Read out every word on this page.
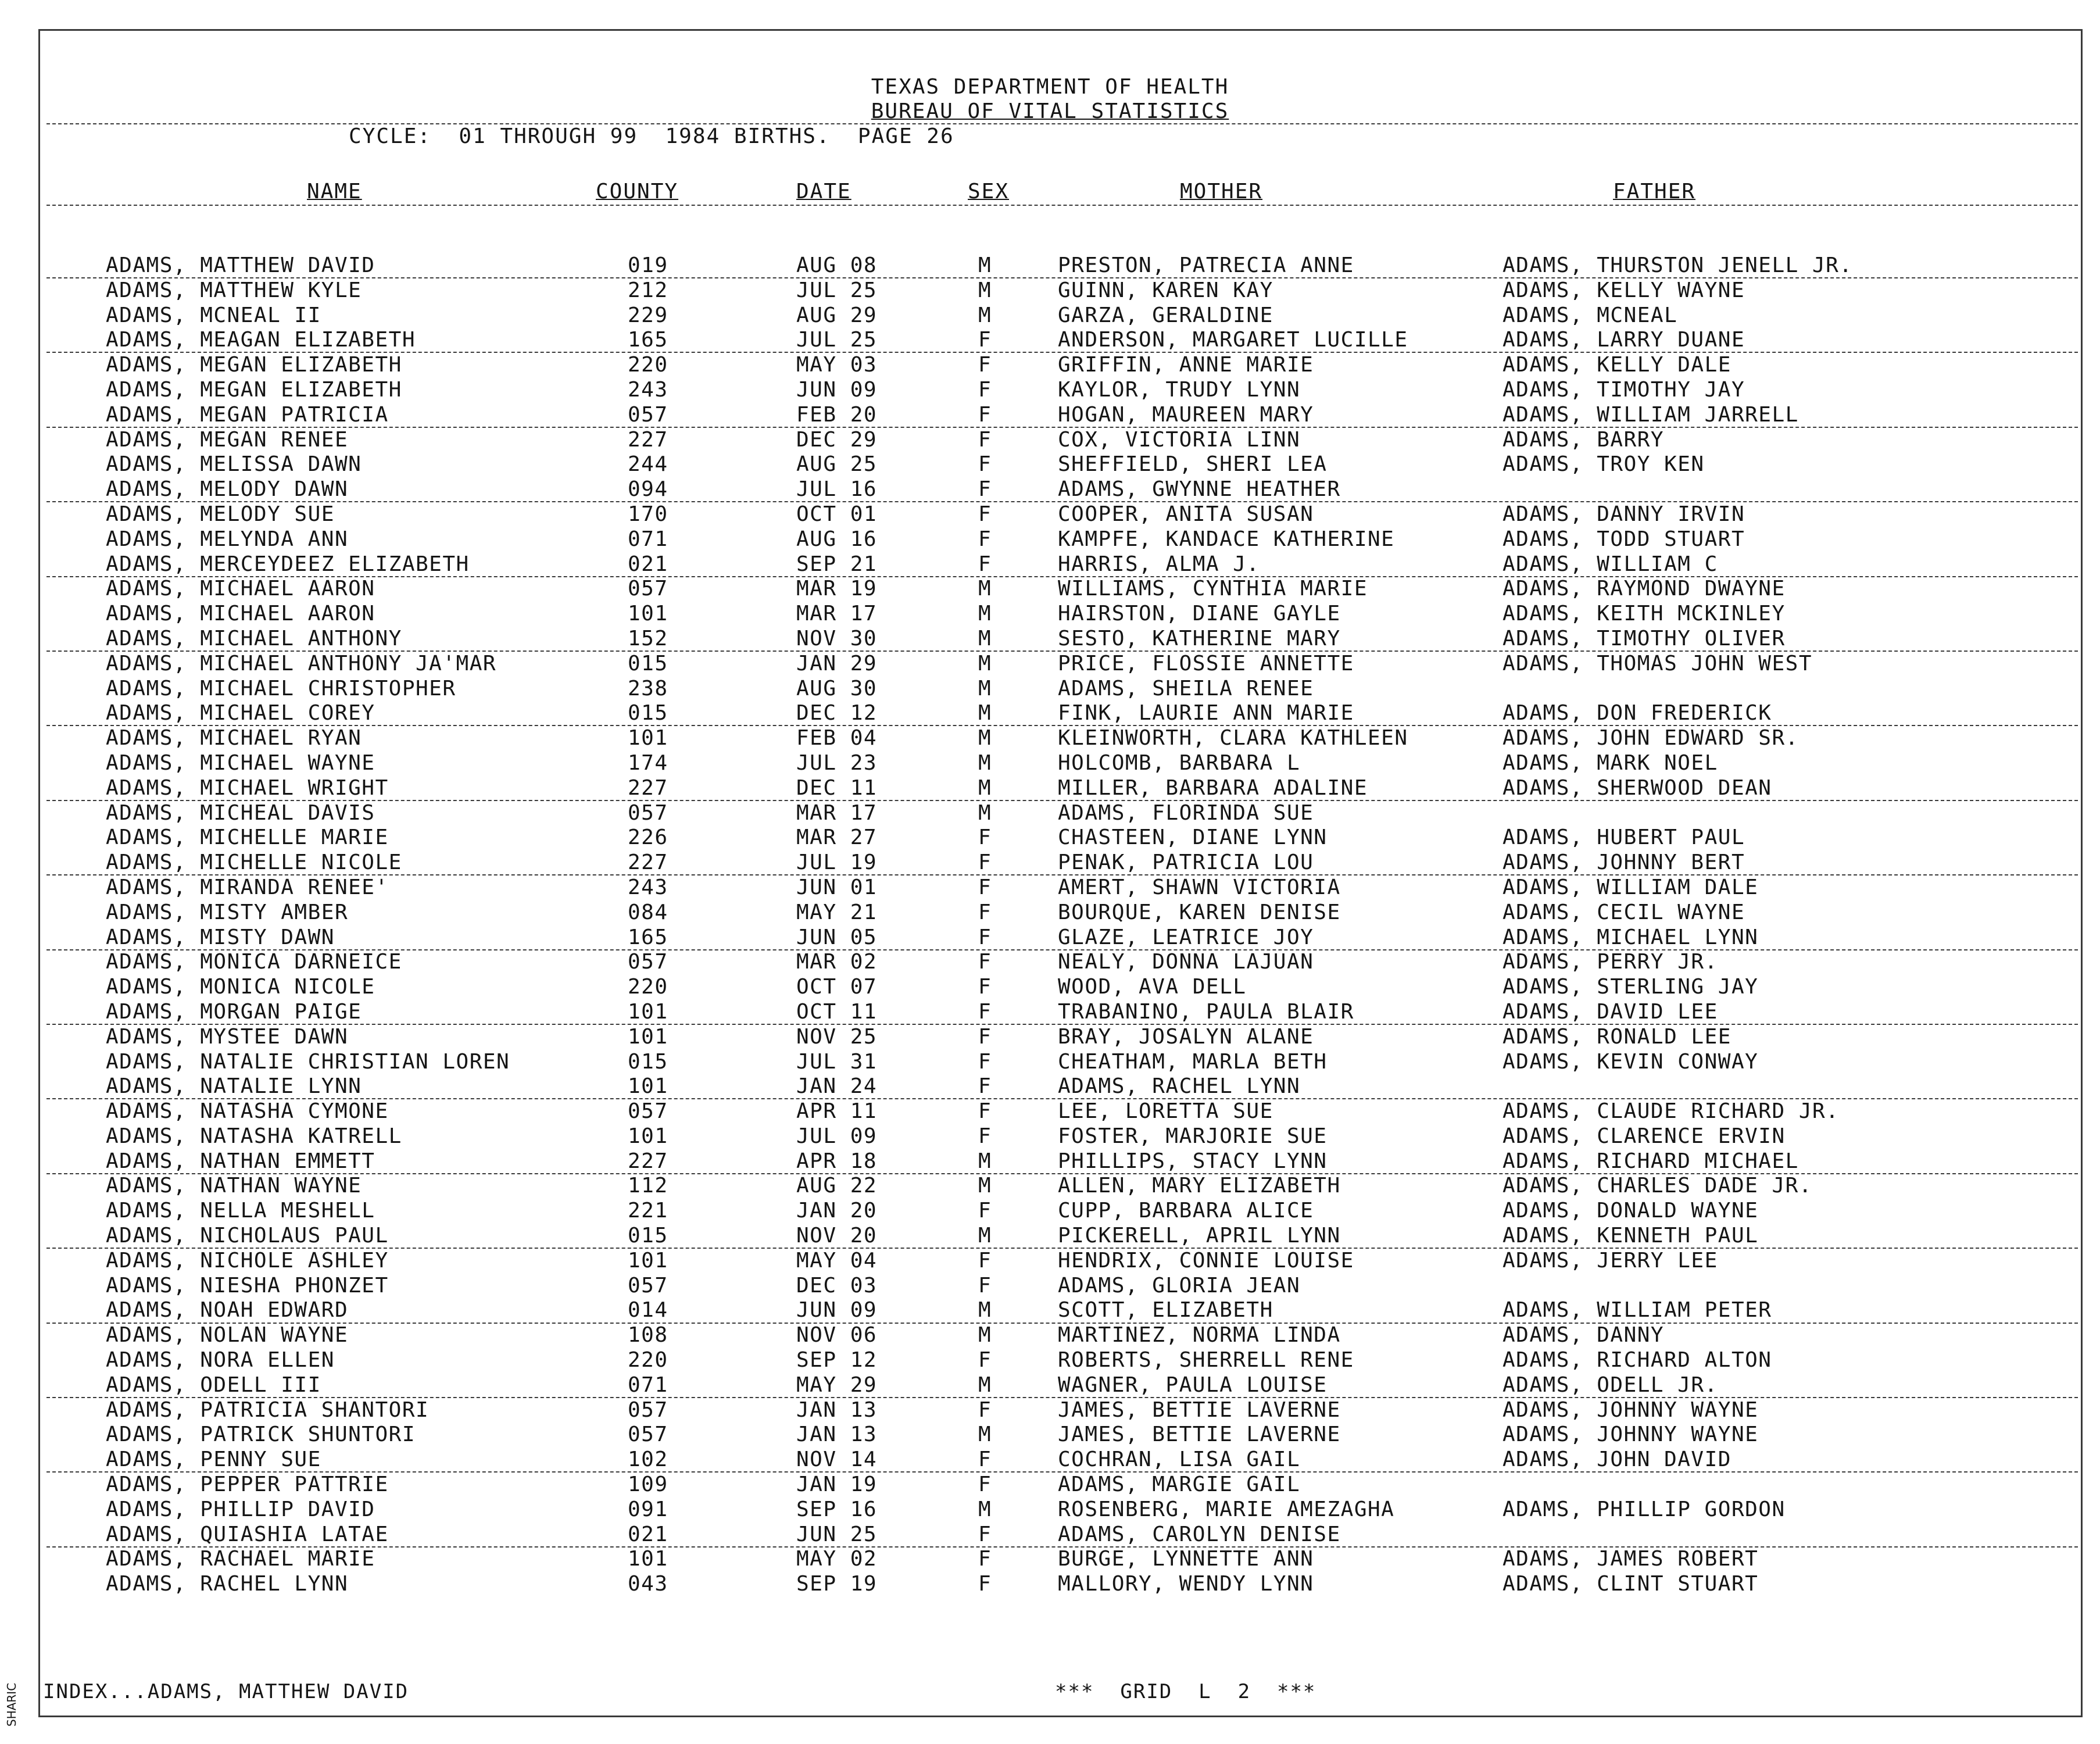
TEXAS DEPARTMENT OF HEALTH
BUREAU OF VITAL STATISTICS
CYCLE:  01 THROUGH 99  1984 BIRTHS.  PAGE 26
NAME	COUNTY	DATE	SEX	MOTHER	FATHER
ADAMS, MATTHEW DAVID	019	AUG 08	M	PRESTON, PATRECIA ANNE	ADAMS, THURSTON JENELL JR.
ADAMS, MATTHEW KYLE	212	JUL 25	M	GUINN, KAREN KAY	ADAMS, KELLY WAYNE
ADAMS, MCNEAL II	229	AUG 29	M	GARZA, GERALDINE	ADAMS, MCNEAL
ADAMS, MEAGAN ELIZABETH	165	JUL 25	F	ANDERSON, MARGARET LUCILLE	ADAMS, LARRY DUANE
ADAMS, MEGAN ELIZABETH	220	MAY 03	F	GRIFFIN, ANNE MARIE	ADAMS, KELLY DALE
ADAMS, MEGAN ELIZABETH	243	JUN 09	F	KAYLOR, TRUDY LYNN	ADAMS, TIMOTHY JAY
ADAMS, MEGAN PATRICIA	057	FEB 20	F	HOGAN, MAUREEN MARY	ADAMS, WILLIAM JARRELL
ADAMS, MEGAN RENEE	227	DEC 29	F	COX, VICTORIA LINN	ADAMS, BARRY
ADAMS, MELISSA DAWN	244	AUG 25	F	SHEFFIELD, SHERI LEA	ADAMS, TROY KEN
ADAMS, MELODY DAWN	094	JUL 16	F	ADAMS, GWYNNE HEATHER
ADAMS, MELODY SUE	170	OCT 01	F	COOPER, ANITA SUSAN	ADAMS, DANNY IRVIN
ADAMS, MELYNDA ANN	071	AUG 16	F	KAMPFE, KANDACE KATHERINE	ADAMS, TODD STUART
ADAMS, MERCEYDEEZ ELIZABETH	021	SEP 21	F	HARRIS, ALMA J.	ADAMS, WILLIAM C
ADAMS, MICHAEL AARON	057	MAR 19	M	WILLIAMS, CYNTHIA MARIE	ADAMS, RAYMOND DWAYNE
ADAMS, MICHAEL AARON	101	MAR 17	M	HAIRSTON, DIANE GAYLE	ADAMS, KEITH MCKINLEY
ADAMS, MICHAEL ANTHONY	152	NOV 30	M	SESTO, KATHERINE MARY	ADAMS, TIMOTHY OLIVER
ADAMS, MICHAEL ANTHONY JA'MAR	015	JAN 29	M	PRICE, FLOSSIE ANNETTE	ADAMS, THOMAS JOHN WEST
ADAMS, MICHAEL CHRISTOPHER	238	AUG 30	M	ADAMS, SHEILA RENEE
ADAMS, MICHAEL COREY	015	DEC 12	M	FINK, LAURIE ANN MARIE	ADAMS, DON FREDERICK
ADAMS, MICHAEL RYAN	101	FEB 04	M	KLEINWORTH, CLARA KATHLEEN	ADAMS, JOHN EDWARD SR.
ADAMS, MICHAEL WAYNE	174	JUL 23	M	HOLCOMB, BARBARA L	ADAMS, MARK NOEL
ADAMS, MICHAEL WRIGHT	227	DEC 11	M	MILLER, BARBARA ADALINE	ADAMS, SHERWOOD DEAN
ADAMS, MICHEAL DAVIS	057	MAR 17	M	ADAMS, FLORINDA SUE
ADAMS, MICHELLE MARIE	226	MAR 27	F	CHASTEEN, DIANE LYNN	ADAMS, HUBERT PAUL
ADAMS, MICHELLE NICOLE	227	JUL 19	F	PENAK, PATRICIA LOU	ADAMS, JOHNNY BERT
ADAMS, MIRANDA RENEE'	243	JUN 01	F	AMERT, SHAWN VICTORIA	ADAMS, WILLIAM DALE
ADAMS, MISTY AMBER	084	MAY 21	F	BOURQUE, KAREN DENISE	ADAMS, CECIL WAYNE
ADAMS, MISTY DAWN	165	JUN 05	F	GLAZE, LEATRICE JOY	ADAMS, MICHAEL LYNN
ADAMS, MONICA DARNEICE	057	MAR 02	F	NEALY, DONNA LAJUAN	ADAMS, PERRY JR.
ADAMS, MONICA NICOLE	220	OCT 07	F	WOOD, AVA DELL	ADAMS, STERLING JAY
ADAMS, MORGAN PAIGE	101	OCT 11	F	TRABANINO, PAULA BLAIR	ADAMS, DAVID LEE
ADAMS, MYSTEE DAWN	101	NOV 25	F	BRAY, JOSALYN ALANE	ADAMS, RONALD LEE
ADAMS, NATALIE CHRISTIAN LOREN	015	JUL 31	F	CHEATHAM, MARLA BETH	ADAMS, KEVIN CONWAY
ADAMS, NATALIE LYNN	101	JAN 24	F	ADAMS, RACHEL LYNN
ADAMS, NATASHA CYMONE	057	APR 11	F	LEE, LORETTA SUE	ADAMS, CLAUDE RICHARD JR.
ADAMS, NATASHA KATRELL	101	JUL 09	F	FOSTER, MARJORIE SUE	ADAMS, CLARENCE ERVIN
ADAMS, NATHAN EMMETT	227	APR 18	M	PHILLIPS, STACY LYNN	ADAMS, RICHARD MICHAEL
ADAMS, NATHAN WAYNE	112	AUG 22	M	ALLEN, MARY ELIZABETH	ADAMS, CHARLES DADE JR.
ADAMS, NELLA MESHELL	221	JAN 20	F	CUPP, BARBARA ALICE	ADAMS, DONALD WAYNE
ADAMS, NICHOLAUS PAUL	015	NOV 20	M	PICKERELL, APRIL LYNN	ADAMS, KENNETH PAUL
ADAMS, NICHOLE ASHLEY	101	MAY 04	F	HENDRIX, CONNIE LOUISE	ADAMS, JERRY LEE
ADAMS, NIESHA PHONZET	057	DEC 03	F	ADAMS, GLORIA JEAN
ADAMS, NOAH EDWARD	014	JUN 09	M	SCOTT, ELIZABETH	ADAMS, WILLIAM PETER
ADAMS, NOLAN WAYNE	108	NOV 06	M	MARTINEZ, NORMA LINDA	ADAMS, DANNY
ADAMS, NORA ELLEN	220	SEP 12	F	ROBERTS, SHERRELL RENE	ADAMS, RICHARD ALTON
ADAMS, ODELL III	071	MAY 29	M	WAGNER, PAULA LOUISE	ADAMS, ODELL JR.
ADAMS, PATRICIA SHANTORI	057	JAN 13	F	JAMES, BETTIE LAVERNE	ADAMS, JOHNNY WAYNE
ADAMS, PATRICK SHUNTORI	057	JAN 13	M	JAMES, BETTIE LAVERNE	ADAMS, JOHNNY WAYNE
ADAMS, PENNY SUE	102	NOV 14	F	COCHRAN, LISA GAIL	ADAMS, JOHN DAVID
ADAMS, PEPPER PATTRIE	109	JAN 19	F	ADAMS, MARGIE GAIL
ADAMS, PHILLIP DAVID	091	SEP 16	M	ROSENBERG, MARIE AMEZAGHA	ADAMS, PHILLIP GORDON
ADAMS, QUIASHIA LATAE	021	JUN 25	F	ADAMS, CAROLYN DENISE
ADAMS, RACHAEL MARIE	101	MAY 02	F	BURGE, LYNNETTE ANN	ADAMS, JAMES ROBERT
ADAMS, RACHEL LYNN	043	SEP 19	F	MALLORY, WENDY LYNN	ADAMS, CLINT STUART
INDEX...ADAMS, MATTHEW DAVID	***  GRID  L  2  ***
SHARIC
